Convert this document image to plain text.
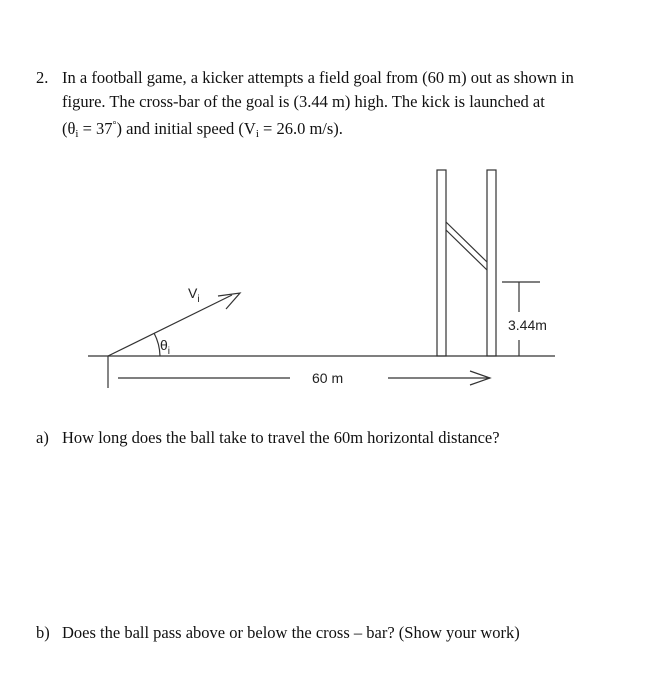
2. In a football game, a kicker attempts a field goal from (60 m) out as shown in
figure. The cross-bar of the goal is (3.44 m) high. The kick is launched at
$(\theta_i = 37^\circ)$ and initial speed ($V_i = 26.0$ m/s).
$V_i$
$\theta_i$
60 m
3.44m
a) How long does the ball take to travel the 60m horizontal distance?
b) Does the ball pass above or below the cross – bar? (Show your work)
